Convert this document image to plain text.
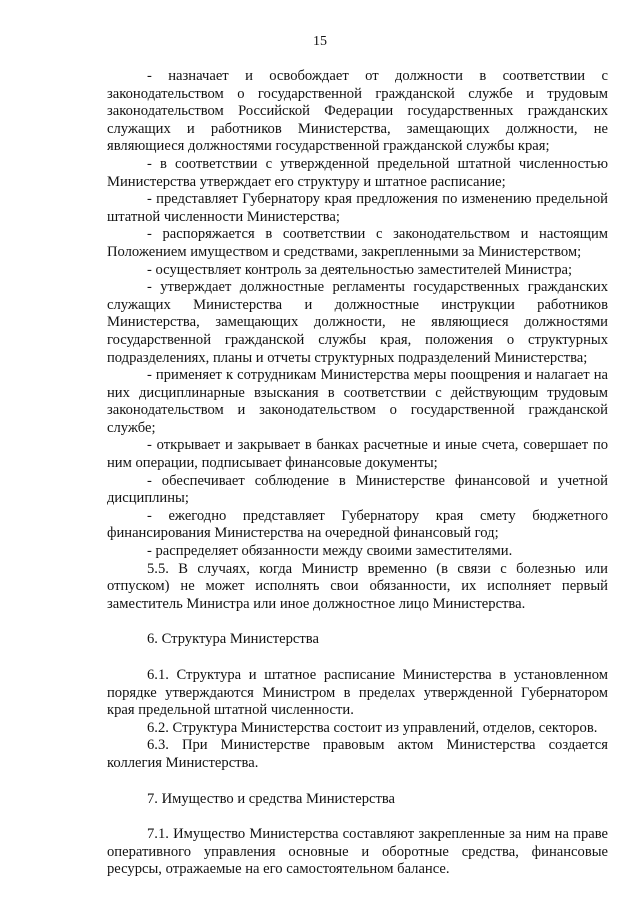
15

- назначает и освобождает от должности в соответствии с законодательством о государственной гражданской службе и трудовым законодательством Российской Федерации государственных гражданских служащих и работников Министерства, замещающих должности, не являющиеся должностями государственной гражданской службы края;

- в соответствии с утвержденной предельной штатной численностью Министерства утверждает его структуру и штатное расписание;

- представляет Губернатору края предложения по изменению предельной штатной численности Министерства;

- распоряжается в соответствии с законодательством и настоящим Положением имуществом и средствами, закрепленными за Министерством;

- осуществляет контроль за деятельностью заместителей Министра;

- утверждает должностные регламенты государственных гражданских служащих Министерства и должностные инструкции работников Министерства, замещающих должности, не являющиеся должностями государственной гражданской службы края, положения о структурных подразделениях, планы и отчеты структурных подразделений Министерства;

- применяет к сотрудникам Министерства меры поощрения и налагает на них дисциплинарные взыскания в соответствии с действующим трудовым законодательством и законодательством о государственной гражданской службе;

- открывает и закрывает в банках расчетные и иные счета, совершает по ним операции, подписывает финансовые документы;

- обеспечивает соблюдение в Министерстве финансовой и учетной дисциплины;

- ежегодно представляет Губернатору края смету бюджетного финансирования Министерства на очередной финансовый год;

- распределяет обязанности между своими заместителями.

5.5. В случаях, когда Министр временно (в связи с болезнью или отпуском) не может исполнять свои обязанности, их исполняет первый заместитель Министра или иное должностное лицо Министерства.

6. Структура Министерства

6.1. Структура и штатное расписание Министерства в установленном порядке утверждаются Министром в пределах утвержденной Губернатором края предельной штатной численности.

6.2. Структура Министерства состоит из управлений, отделов, секторов.

6.3. При Министерстве правовым актом Министерства создается коллегия Министерства.

7. Имущество и средства Министерства

7.1. Имущество Министерства составляют закрепленные за ним на праве оперативного управления основные и оборотные средства, финансовые ресурсы, отражаемые на его самостоятельном балансе.
